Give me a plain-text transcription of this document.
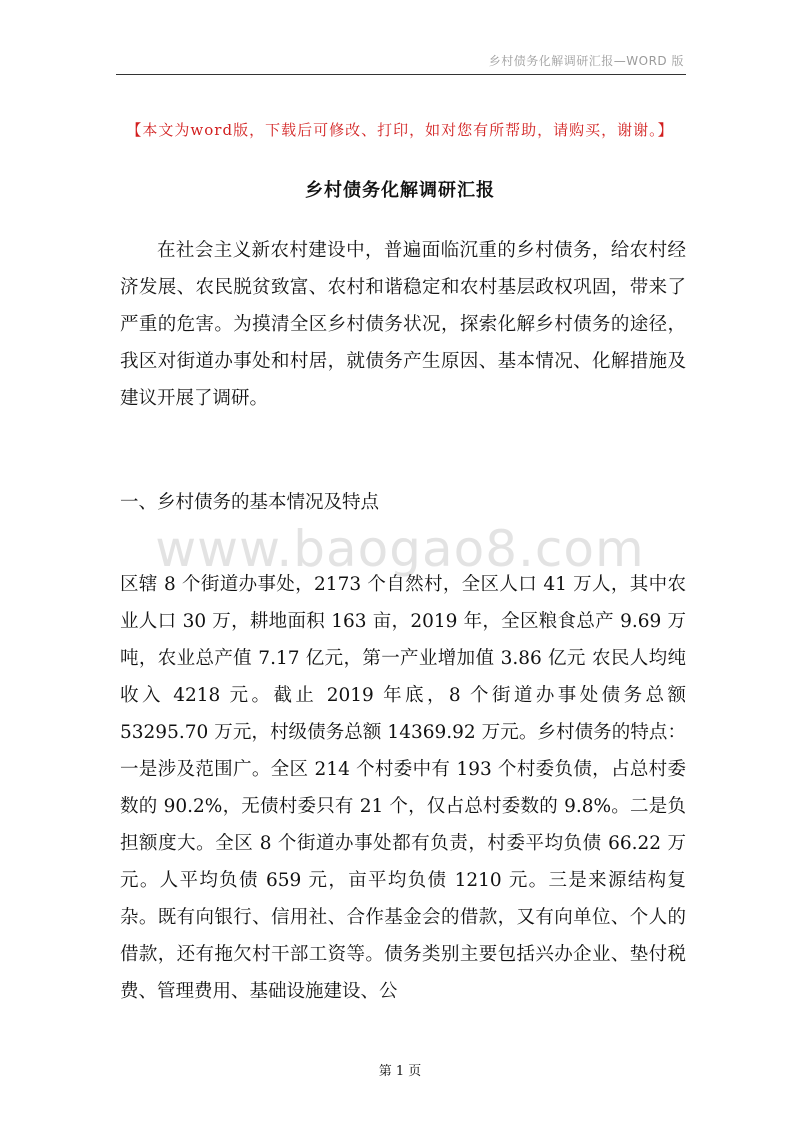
乡村债务化解调研汇报—WORD 版
【本文为word版，下载后可修改、打印，如对您有所帮助，请购买，谢谢。】
乡村债务化解调研汇报
在社会主义新农村建设中，普遍面临沉重的乡村债务，给农村经济发展、农民脱贫致富、农村和谐稳定和农村基层政权巩固，带来了严重的危害。为摸清全区乡村债务状况，探索化解乡村债务的途径，我区对街道办事处和村居，就债务产生原因、基本情况、化解措施及建议开展了调研。
一、乡村债务的基本情况及特点
www.baogao8.com
区辖 8 个街道办事处，2173 个自然村，全区人口 41 万人，其中农业人口 30 万，耕地面积 163 亩，2019 年，全区粮食总产 9.69 万吨，农业总产值 7.17 亿元，第一产业增加值 3.86 亿元 农民人均纯收入 4218 元。截止 2019 年底，8 个街道办事处债务总额 53295.70 万元，村级债务总额 14369.92 万元。乡村债务的特点：一是涉及范围广。全区 214 个村委中有 193 个村委负债，占总村委数的 90.2%，无债村委只有 21 个，仅占总村委数的 9.8%。二是负担额度大。全区 8 个街道办事处都有负责，村委平均负债 66.22 万元。人平均负债 659 元，亩平均负债 1210 元。三是来源结构复杂。既有向银行、信用社、合作基金会的借款，又有向单位、个人的借款，还有拖欠村干部工资等。债务类别主要包括兴办企业、垫付税费、管理费用、基础设施建设、公
第 1 页
